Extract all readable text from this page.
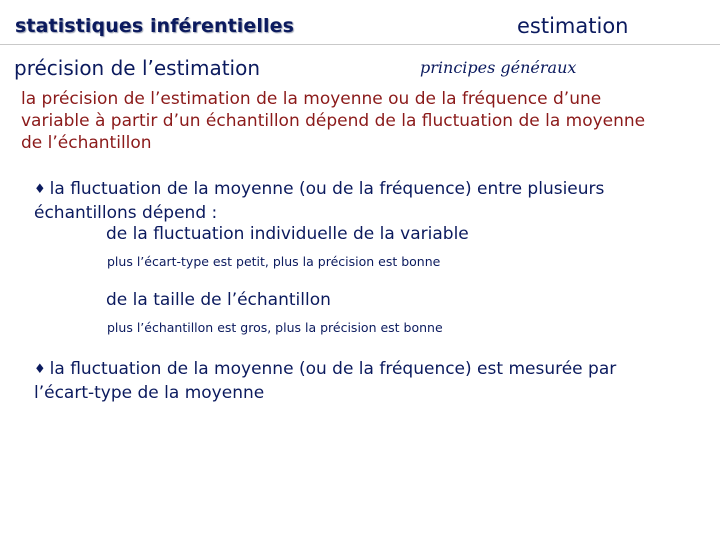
statistiques inférentielles	estimation
précision de l’estimation	principes généraux
la précision de l’estimation de la moyenne ou de la fréquence d’une
variable à partir d’un échantillon dépend de la fluctuation de la moyenne
de l’échantillon
♦ la fluctuation de la moyenne (ou de la fréquence) entre plusieurs
échantillons dépend :
de la fluctuation individuelle de la variable
plus l’écart-type est petit, plus la précision est bonne
de la taille de l’échantillon
plus l’échantillon est gros, plus la précision est bonne
♦ la fluctuation de la moyenne (ou de la fréquence) est mesurée par
l’écart-type de la moyenne
